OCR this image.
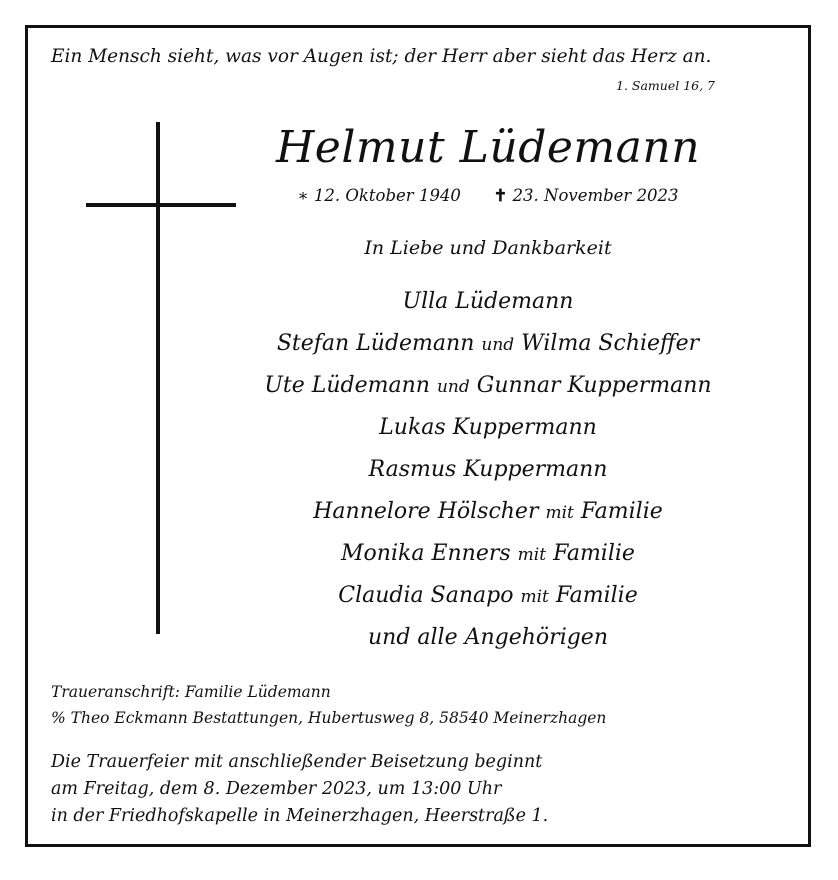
Ein Mensch sieht, was vor Augen ist; der Herr aber sieht das Herz an.
1. Samuel 16, 7
Helmut Lüdemann
∗ 12. Oktober 1940 ✝ 23. November 2023
In Liebe und Dankbarkeit
Ulla Lüdemann
Stefan Lüdemann und Wilma Schieffer
Ute Lüdemann und Gunnar Kuppermann
Lukas Kuppermann
Rasmus Kuppermann
Hannelore Hölscher mit Familie
Monika Enners mit Familie
Claudia Sanapo mit Familie
und alle Angehörigen
Traueranschrift: Familie Lüdemann
% Theo Eckmann Bestattungen, Hubertusweg 8, 58540 Meinerzhagen
Die Trauerfeier mit anschließender Beisetzung beginnt
am Freitag, dem 8. Dezember 2023, um 13:00 Uhr
in der Friedhofskapelle in Meinerzhagen, Heerstraße 1.
